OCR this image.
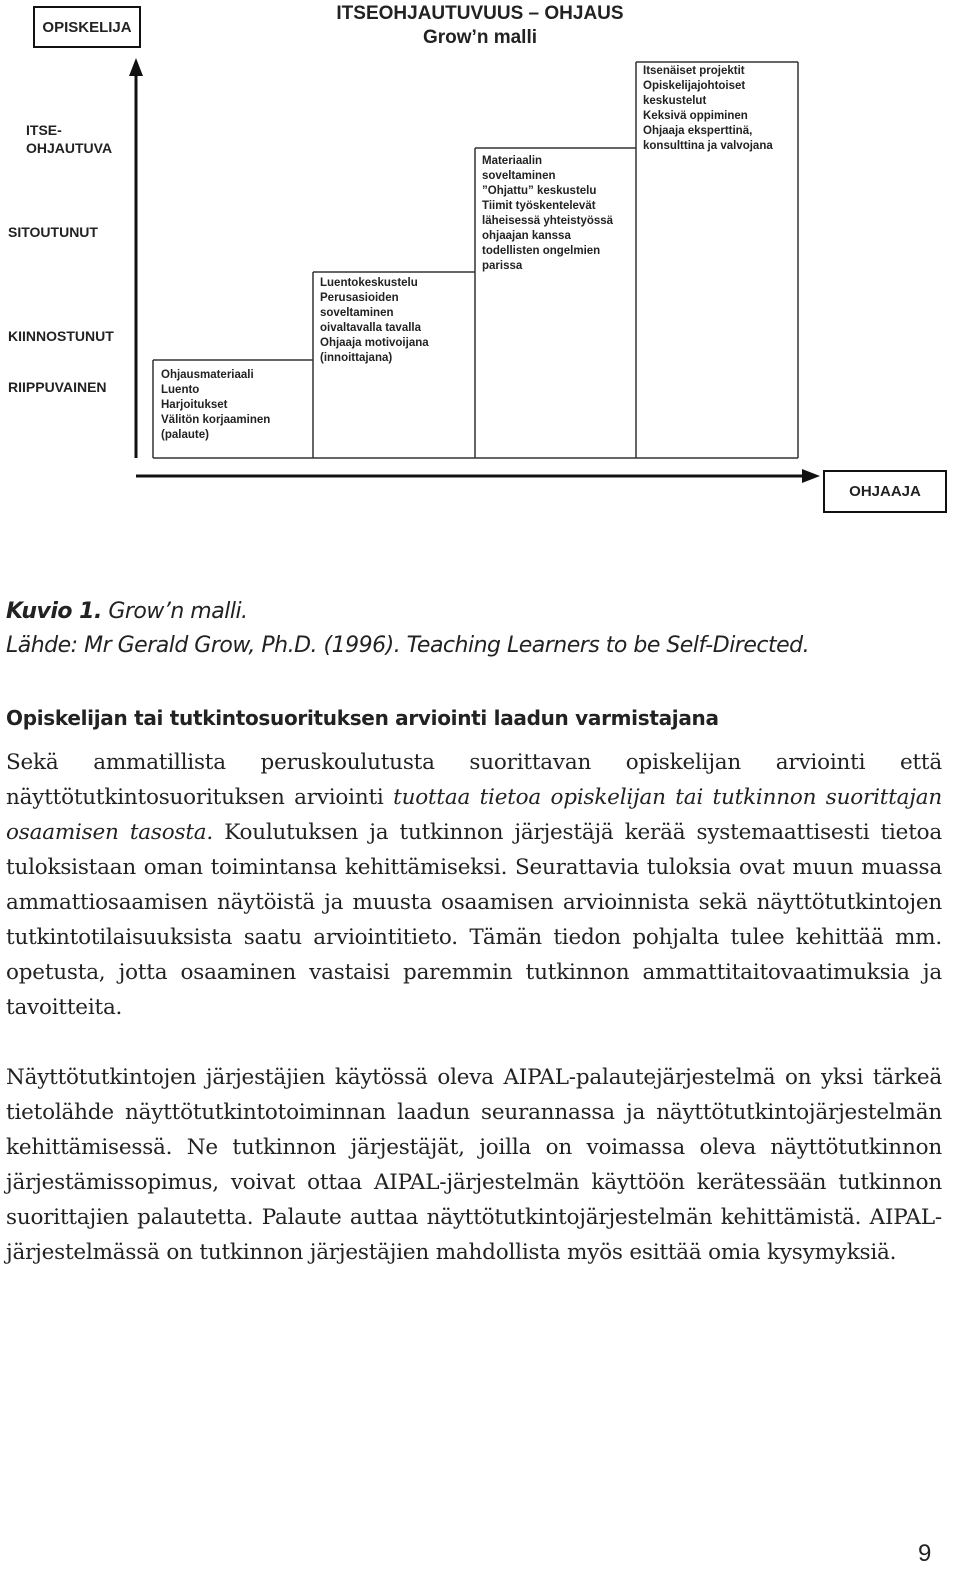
OPISKELIJA
ITSEOHJAUTUVUUS – OHJAUS
Grow’n malli
ITSE-
OHJAUTUVA
SITOUTUNUT
KIINNOSTUNUT
RIIPPUVAINEN
Ohjausmateriaali
Luento
Harjoitukset
Välitön korjaaminen
(palaute)
Luentokeskustelu
Perusasioiden
soveltaminen
oivaltavalla tavalla
Ohjaaja motivoijana
(innoittajana)
Materiaalin
soveltaminen
”Ohjattu” keskustelu
Tiimit työskentelevät
läheisessä yhteistyössä
ohjaajan kanssa
todellisten ongelmien
parissa
Itsenäiset projektit
Opiskelijajohtoiset
keskustelut
Keksivä oppiminen
Ohjaaja eksperttinä,
konsulttina ja valvojana
OHJAAJA
Kuvio 1. Grow’n malli.
Lähde: Mr Gerald Grow, Ph.D. (1996). Teaching Learners to be Self-Directed.
Opiskelijan tai tutkintosuorituksen arviointi laadun varmistajana
Sekä ammatillista peruskoulutusta suorittavan opiskelijan arviointi että näyttötutkintosuorituksen arviointi tuottaa tietoa opiskelijan tai tutkinnon suorittajan osaamisen tasosta. Koulutuksen ja tutkinnon järjestäjä kerää systemaattisesti tietoa tuloksistaan oman toimintansa kehittämiseksi. Seurattavia tuloksia ovat muun muassa ammattiosaamisen näytöistä ja muusta osaamisen arvioinnista sekä näyttötutkintojen tutkintotilaisuuksista saatu arviointitieto. Tämän tiedon pohjalta tulee kehittää mm. opetusta, jotta osaaminen vastaisi paremmin tutkinnon ammattitaitovaatimuksia ja tavoitteita.
Näyttötutkintojen järjestäjien käytössä oleva AIPAL-palautejärjestelmä on yksi tärkeä tietolähde näyttötutkintotoiminnan laadun seurannassa ja näyttötutkintojärjestelmän kehittämisessä. Ne tutkinnon järjestäjät, joilla on voimassa oleva näyttötutkinnon järjestämissopimus, voivat ottaa AIPAL-järjestelmän käyttöön kerätessään tutkinnon suorittajien palautetta. Palaute auttaa näyttötutkintojärjestelmän kehittämistä. AIPAL-järjestelmässä on tutkinnon järjestäjien mahdollista myös esittää omia kysymyksiä.
9
